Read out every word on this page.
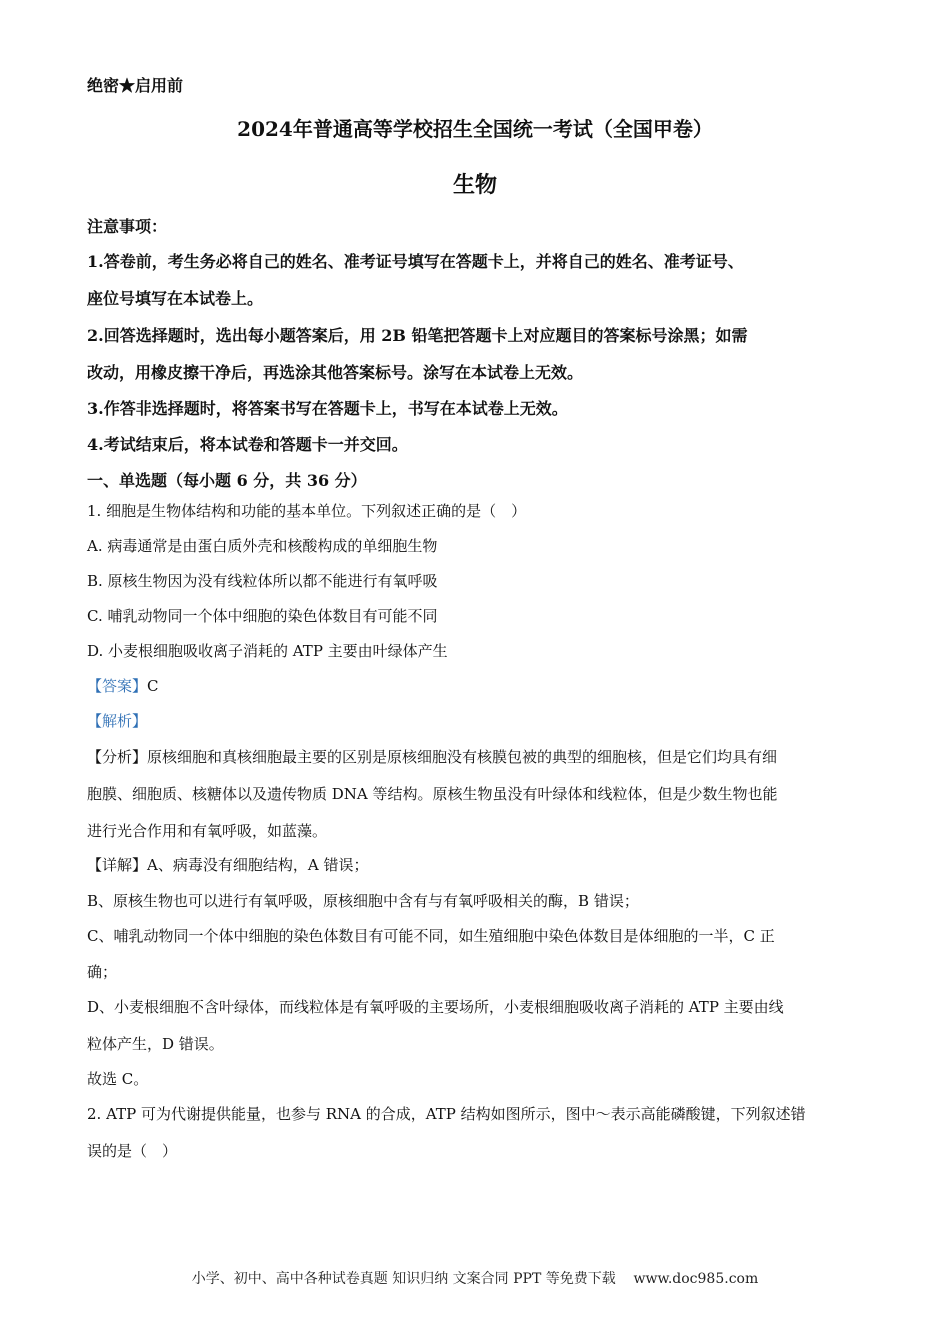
绝密★启用前
2024年普通高等学校招生全国统一考试（全国甲卷）
生物
注意事项：
1.答卷前，考生务必将自己的姓名、准考证号填写在答题卡上，并将自己的姓名、准考证号、
座位号填写在本试卷上。
2.回答选择题时，选出每小题答案后，用 2B 铅笔把答题卡上对应题目的答案标号涂黑；如需
改动，用橡皮擦干净后，再选涂其他答案标号。涂写在本试卷上无效。
3.作答非选择题时，将答案书写在答题卡上，书写在本试卷上无效。
4.考试结束后，将本试卷和答题卡一并交回。
一、单选题（每小题 6 分，共 36 分）
1. 细胞是生物体结构和功能的基本单位。下列叙述正确的是（　）
A. 病毒通常是由蛋白质外壳和核酸构成的单细胞生物
B. 原核生物因为没有线粒体所以都不能进行有氧呼吸
C. 哺乳动物同一个体中细胞的染色体数目有可能不同
D. 小麦根细胞吸收离子消耗的 ATP 主要由叶绿体产生
【答案】C
【解析】
【分析】原核细胞和真核细胞最主要的区别是原核细胞没有核膜包被的典型的细胞核，但是它们均具有细
胞膜、细胞质、核糖体以及遗传物质 DNA 等结构。原核生物虽没有叶绿体和线粒体，但是少数生物也能
进行光合作用和有氧呼吸，如蓝藻。
【详解】A、病毒没有细胞结构，A 错误；
B、原核生物也可以进行有氧呼吸，原核细胞中含有与有氧呼吸相关的酶，B 错误；
C、哺乳动物同一个体中细胞的染色体数目有可能不同，如生殖细胞中染色体数目是体细胞的一半，C 正
确；
D、小麦根细胞不含叶绿体，而线粒体是有氧呼吸的主要场所，小麦根细胞吸收离子消耗的 ATP 主要由线
粒体产生，D 错误。
故选 C。
2. ATP 可为代谢提供能量，也参与 RNA 的合成，ATP 结构如图所示，图中～表示高能磷酸键，下列叙述错
误的是（　）
小学、初中、高中各种试卷真题 知识归纳 文案合同 PPT 等免费下载 www.doc985.com
